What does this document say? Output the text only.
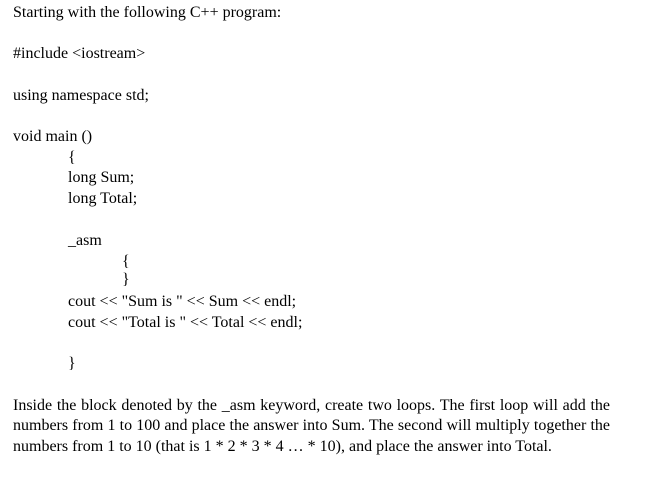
Starting with the following C++ program:
#include <iostream>
using namespace std;
void main ()
{
long Sum;
long Total;
_asm
{
}
cout << "Sum is " << Sum << endl;
cout << "Total is " << Total << endl;
}
Inside the block denoted by the _asm keyword, create two loops. The first loop will add the numbers from 1 to 100 and place the answer into Sum. The second will multiply together the numbers from 1 to 10 (that is 1 * 2 * 3 * 4 … * 10), and place the answer into Total.
